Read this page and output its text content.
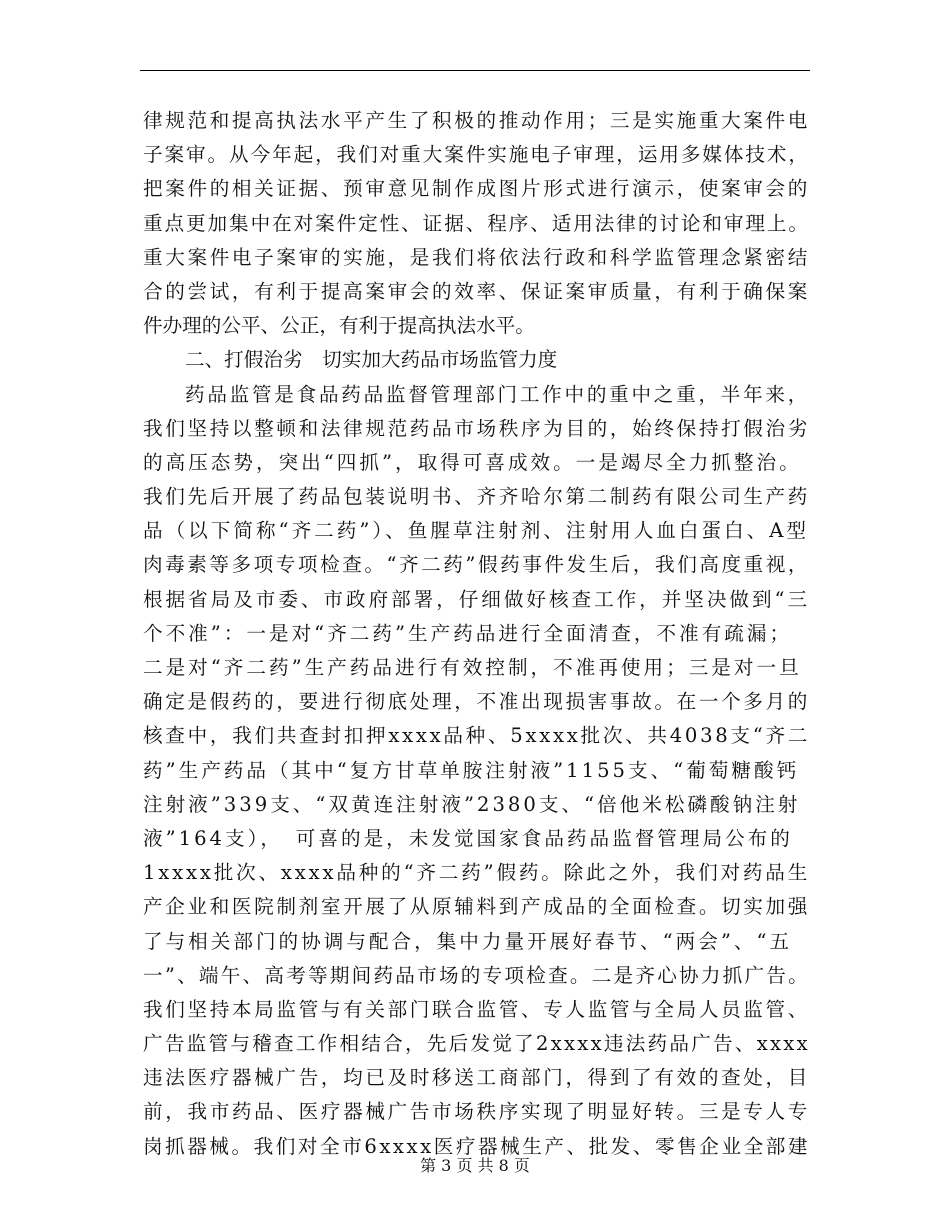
律规范和提高执法水平产生了积极的推动作用；三是实施重大案件电
子案审。从今年起，我们对重大案件实施电子审理，运用多媒体技术，
把案件的相关证据、预审意见制作成图片形式进行演示，使案审会的
重点更加集中在对案件定性、证据、程序、适用法律的讨论和审理上。
重大案件电子案审的实施，是我们将依法行政和科学监管理念紧密结
合的尝试，有利于提高案审会的效率、保证案审质量，有利于确保案
件办理的公平、公正，有利于提高执法水平。
二、打假治劣　切实加大药品市场监管力度
药品监管是食品药品监督管理部门工作中的重中之重，半年来，
我们坚持以整顿和法律规范药品市场秩序为目的，始终保持打假治劣
的高压态势，突出“四抓”，取得可喜成效。一是竭尽全力抓整治。
我们先后开展了药品包装说明书、齐齐哈尔第二制药有限公司生产药
品（以下简称“齐二药”）、鱼腥草注射剂、注射用人血白蛋白、A型
肉毒素等多项专项检查。“齐二药”假药事件发生后，我们高度重视，
根据省局及市委、市政府部署，仔细做好核查工作，并坚决做到“三
个不准”：一是对“齐二药”生产药品进行全面清查，不准有疏漏；
二是对“齐二药”生产药品进行有效控制，不准再使用；三是对一旦
确定是假药的，要进行彻底处理，不准出现损害事故。在一个多月的
核查中，我们共查封扣押xxxx品种、5xxxx批次、共4038支“齐二
药”生产药品（其中“复方甘草单胺注射液”1155支、“葡萄糖酸钙
注射液”339支、“双黄连注射液”2380支、“倍他米松磷酸钠注射
液”164支），　可喜的是，未发觉国家食品药品监督管理局公布的
1xxxx批次、xxxx品种的“齐二药”假药。除此之外，我们对药品生
产企业和医院制剂室开展了从原辅料到产成品的全面检查。切实加强
了与相关部门的协调与配合，集中力量开展好春节、“两会”、“五
一”、端午、高考等期间药品市场的专项检查。二是齐心协力抓广告。
我们坚持本局监管与有关部门联合监管、专人监管与全局人员监管、
广告监管与稽查工作相结合，先后发觉了2xxxx违法药品广告、xxxx
违法医疗器械广告，均已及时移送工商部门，得到了有效的查处，目
前，我市药品、医疗器械广告市场秩序实现了明显好转。三是专人专
岗抓器械。我们对全市6xxxx医疗器械生产、批发、零售企业全部建
第 3 页 共 8 页
